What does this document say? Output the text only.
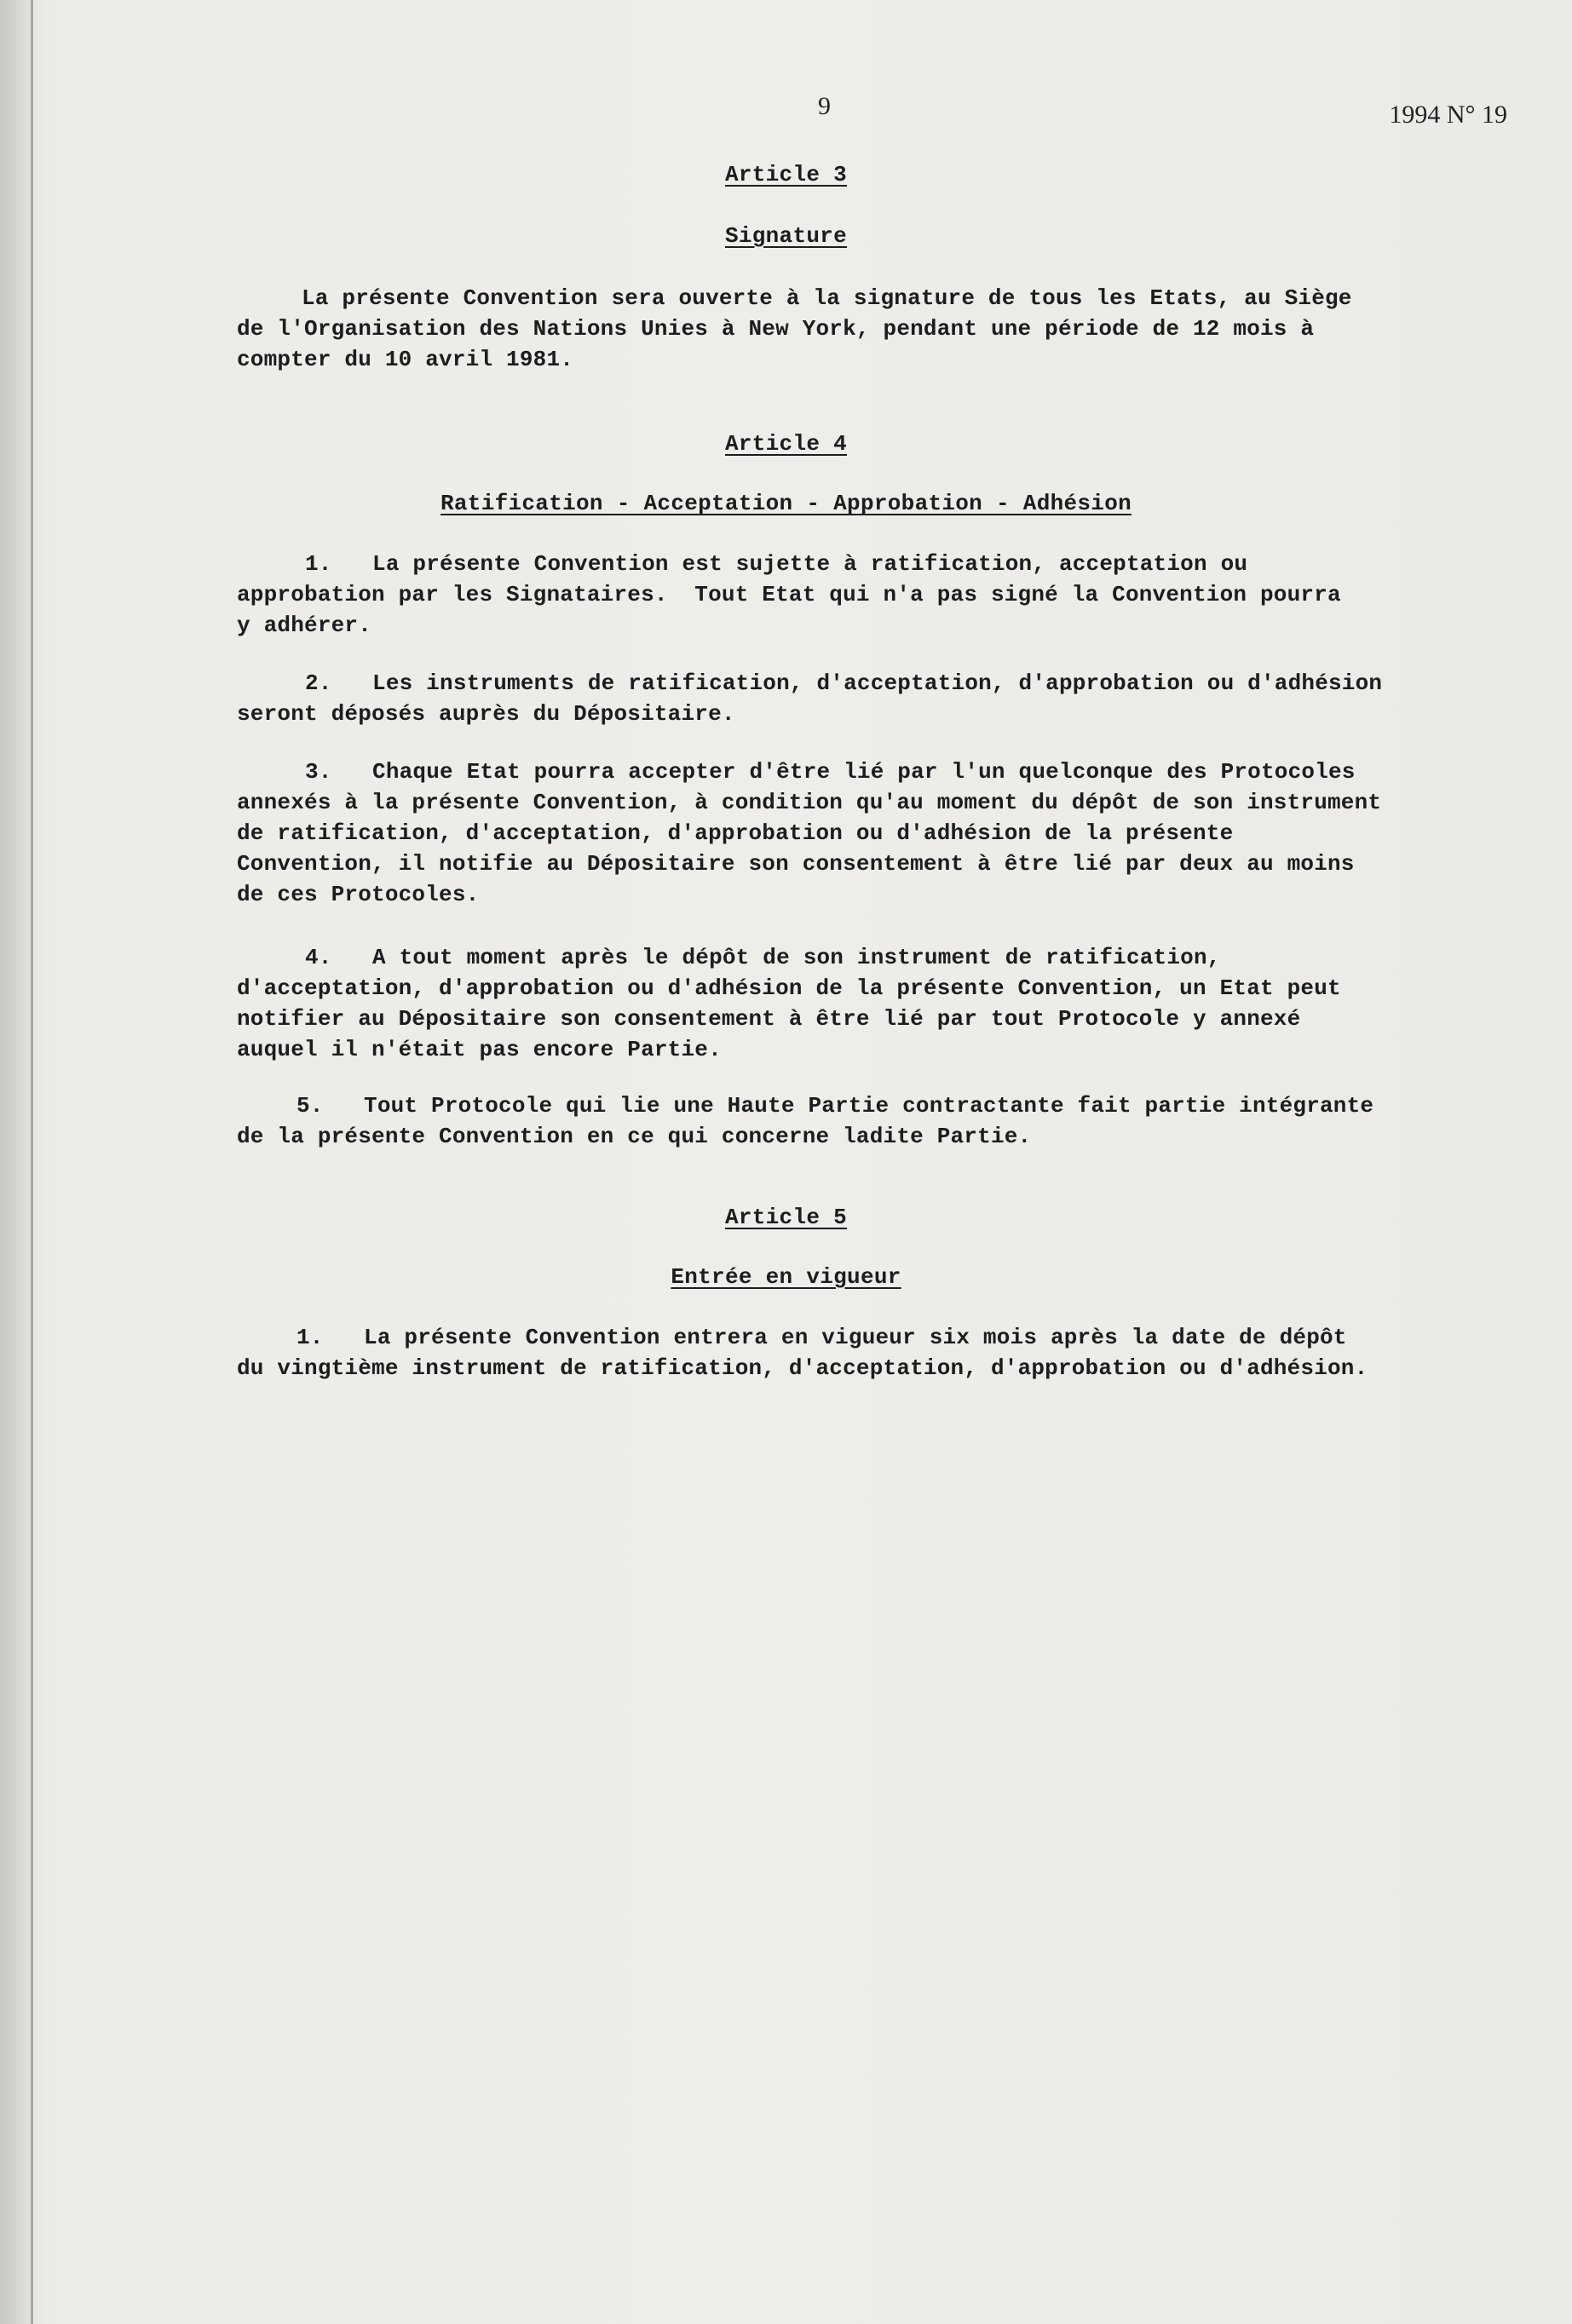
9	1994 N° 19
Article 3
Signature
La présente Convention sera ouverte à la signature de tous les Etats, au Siège
de l'Organisation des Nations Unies à New York, pendant une période de 12 mois à
compter du 10 avril 1981.
Article 4
Ratification - Acceptation - Approbation - Adhésion
1.   La présente Convention est sujette à ratification, acceptation ou
approbation par les Signataires.  Tout Etat qui n'a pas signé la Convention pourra
y adhérer.
2.   Les instruments de ratification, d'acceptation, d'approbation ou d'adhésion
seront déposés auprès du Dépositaire.
3.   Chaque Etat pourra accepter d'être lié par l'un quelconque des Protocoles
annexés à la présente Convention, à condition qu'au moment du dépôt de son instrument
de ratification, d'acceptation, d'approbation ou d'adhésion de la présente
Convention, il notifie au Dépositaire son consentement à être lié par deux au moins
de ces Protocoles.
4.   A tout moment après le dépôt de son instrument de ratification,
d'acceptation, d'approbation ou d'adhésion de la présente Convention, un Etat peut
notifier au Dépositaire son consentement à être lié par tout Protocole y annexé
auquel il n'était pas encore Partie.
5.   Tout Protocole qui lie une Haute Partie contractante fait partie intégrante
de la présente Convention en ce qui concerne ladite Partie.
Article 5
Entrée en vigueur
1.   La présente Convention entrera en vigueur six mois après la date de dépôt
du vingtième instrument de ratification, d'acceptation, d'approbation ou d'adhésion.
